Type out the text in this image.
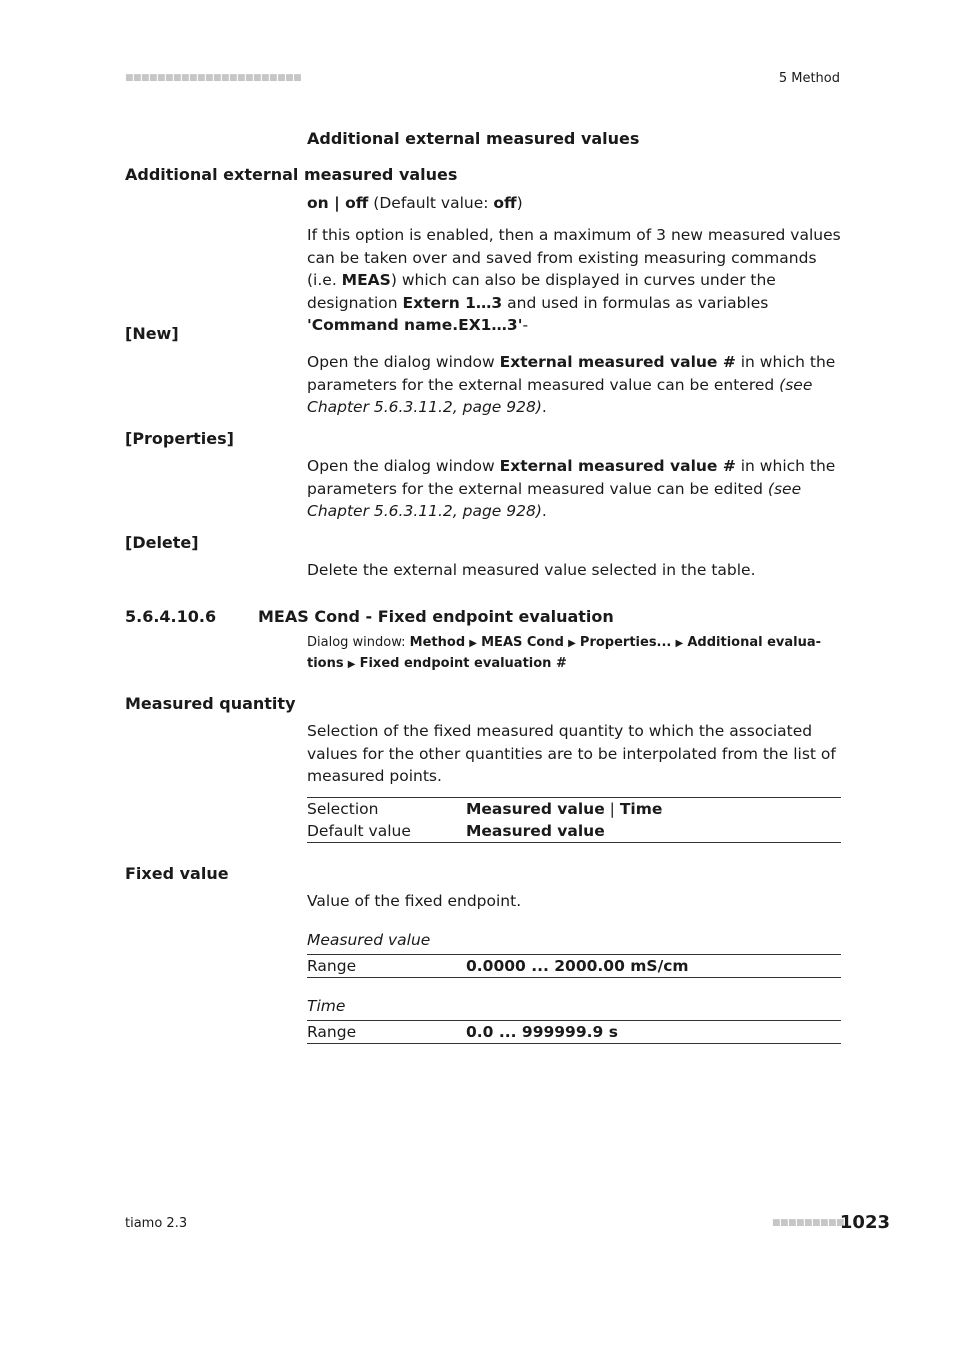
■■■■■■■■■■■■■■■■■■■■■■	5 Method
Additional external measured values
Additional external measured values
on | off (Default value: off)
If this option is enabled, then a maximum of 3 new measured values can be taken over and saved from existing measuring commands (i.e. MEAS) which can also be displayed in curves under the designation Extern 1…3 and used in formulas as variables 'Command name.EX1…3'-
[New]
Open the dialog window External measured value # in which the parameters for the external measured value can be entered (see Chapter 5.6.3.11.2, page 928).
[Properties]
Open the dialog window External measured value # in which the parameters for the external measured value can be edited (see Chapter 5.6.3.11.2, page 928).
[Delete]
Delete the external measured value selected in the table.
5.6.4.10.6	MEAS Cond - Fixed endpoint evaluation
Dialog window: Method ▶ MEAS Cond ▶ Properties... ▶ Additional evalua-
tions ▶ Fixed endpoint evaluation #
Measured quantity
Selection of the fixed measured quantity to which the associated values for the other quantities are to be interpolated from the list of measured points.
Selection	Measured value | Time
Default value	Measured value
Fixed value
Value of the fixed endpoint.
Measured value
Range	0.0000 ... 2000.00 mS/cm
Time
Range	0.0 ... 999999.9 s
tiamo 2.3	■■■■■■■■■
1023
